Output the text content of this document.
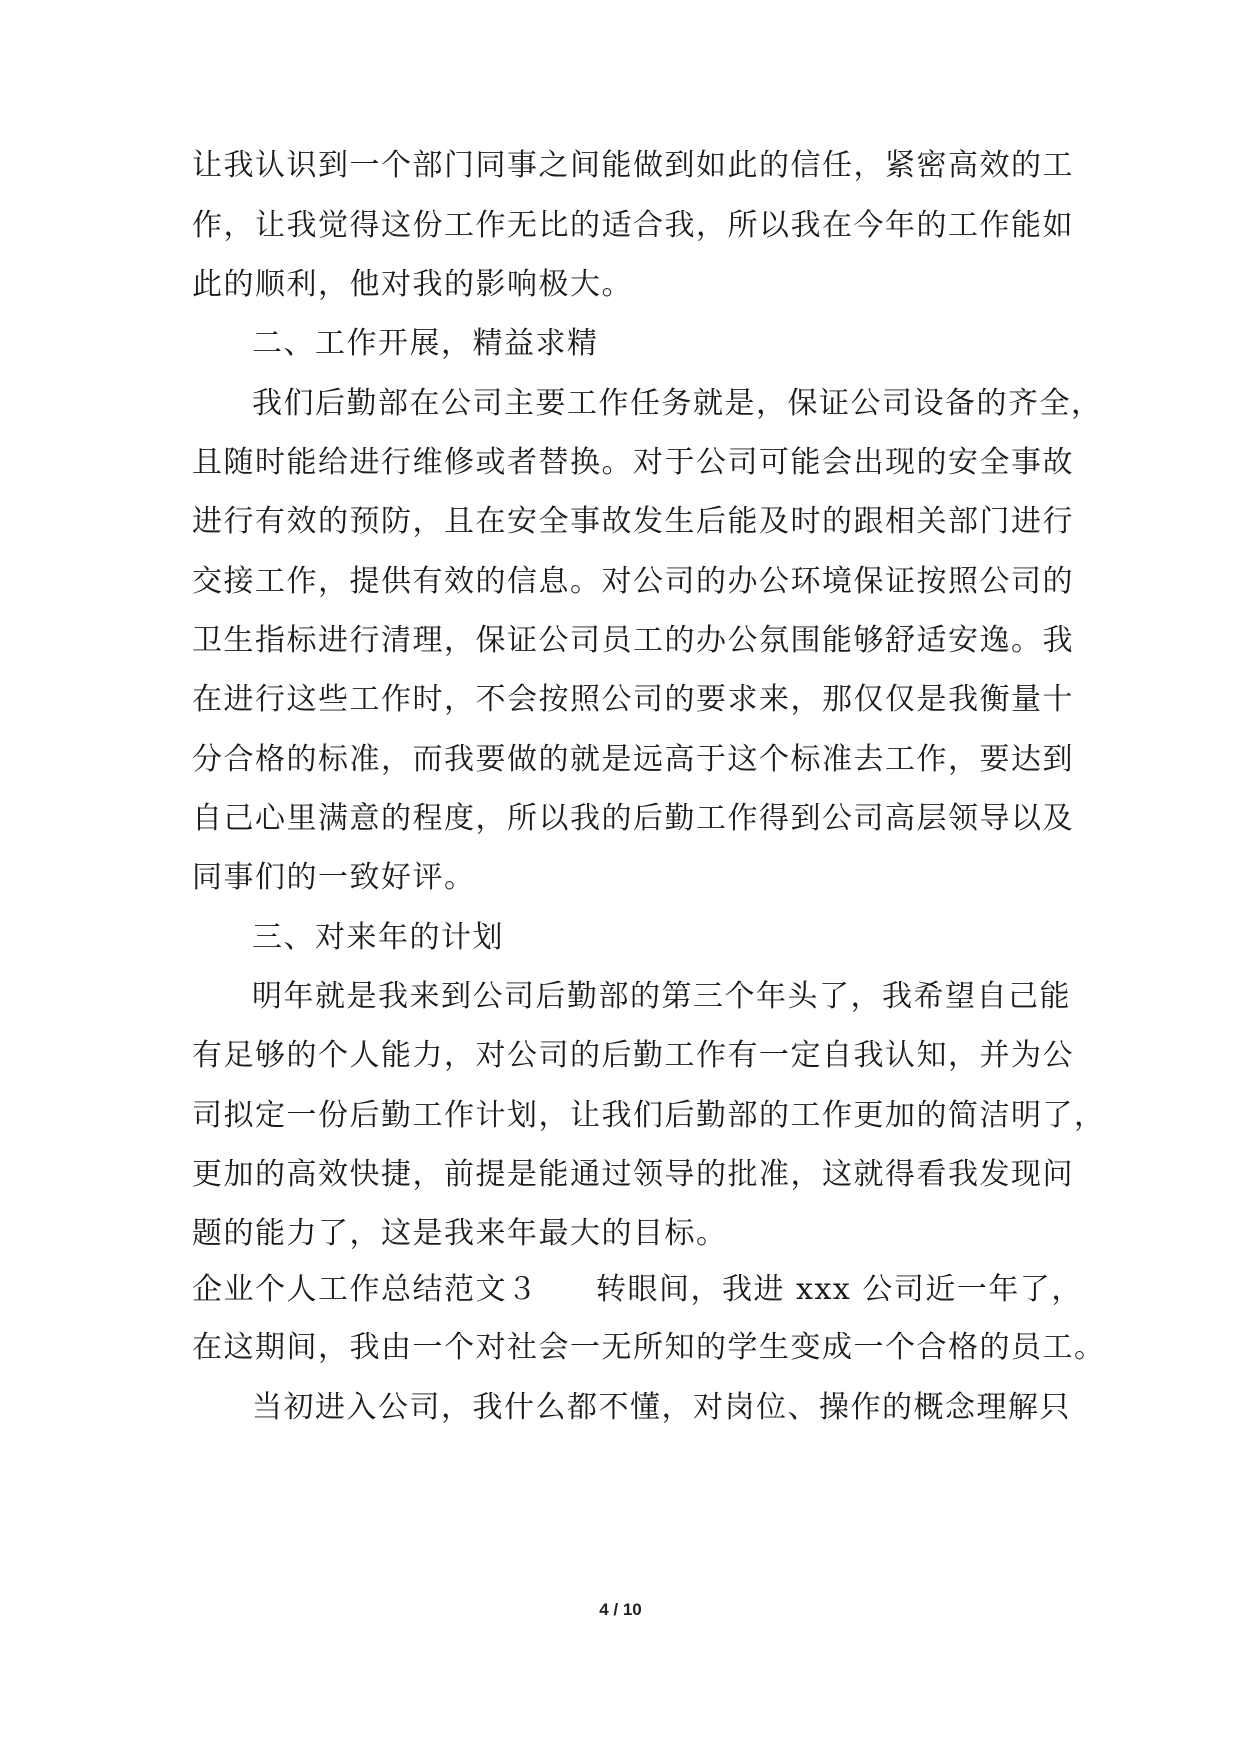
让我认识到一个部门同事之间能做到如此的信任，紧密高效的工
作，让我觉得这份工作无比的适合我，所以我在今年的工作能如
此的顺利，他对我的影响极大。
二、工作开展，精益求精
我们后勤部在公司主要工作任务就是，保证公司设备的齐全，
且随时能给进行维修或者替换。对于公司可能会出现的安全事故
进行有效的预防，且在安全事故发生后能及时的跟相关部门进行
交接工作，提供有效的信息。对公司的办公环境保证按照公司的
卫生指标进行清理，保证公司员工的办公氛围能够舒适安逸。我
在进行这些工作时，不会按照公司的要求来，那仅仅是我衡量十
分合格的标准，而我要做的就是远高于这个标准去工作，要达到
自己心里满意的程度，所以我的后勤工作得到公司高层领导以及
同事们的一致好评。
三、对来年的计划
明年就是我来到公司后勤部的第三个年头了，我希望自己能
有足够的个人能力，对公司的后勤工作有一定自我认知，并为公
司拟定一份后勤工作计划，让我们后勤部的工作更加的简洁明了，
更加的高效快捷，前提是能通过领导的批准，这就得看我发现问
题的能力了，这是我来年最大的目标。
企业个人工作总结范文３ 转眼间，我进 xxx 公司近一年了，
在这期间，我由一个对社会一无所知的学生变成一个合格的员工。
当初进入公司，我什么都不懂，对岗位、操作的概念理解只
4 / 10
